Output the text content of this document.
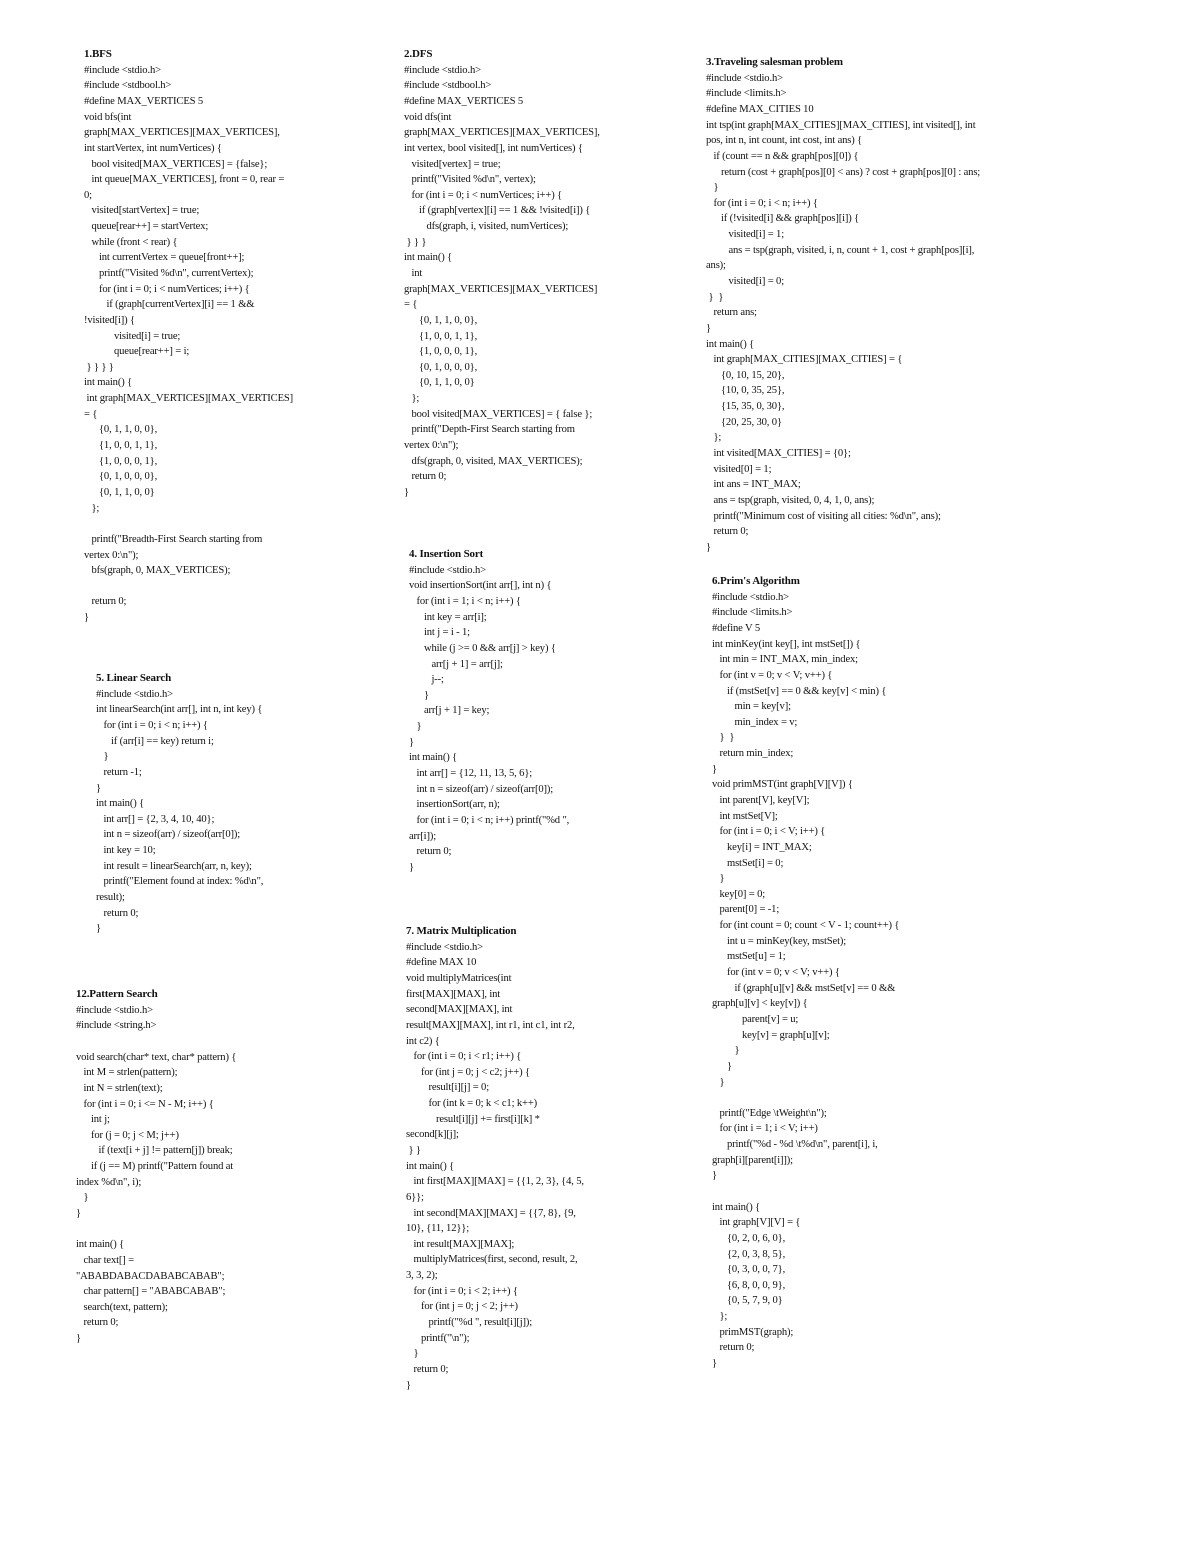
1.BFS
#include <stdio.h>
#include <stdbool.h>
#define MAX_VERTICES 5
void bfs(int
graph[MAX_VERTICES][MAX_VERTICES],
int startVertex, int numVertices) {
bool visited[MAX_VERTICES] = {false};
int queue[MAX_VERTICES], front = 0, rear =
0;
visited[startVertex] = true;
queue[rear++] = startVertex;
while (front < rear) {
int currentVertex = queue[front++];
printf("Visited %d\n", currentVertex);
for (int i = 0; i < numVertices; i++) {
if (graph[currentVertex][i] == 1 &&
!visited[i]) {
visited[i] = true;
queue[rear++] = i;
} } } }
int main() {
int graph[MAX_VERTICES][MAX_VERTICES]
= {
{0, 1, 1, 0, 0},
{1, 0, 0, 1, 1},
{1, 0, 0, 0, 1},
{0, 1, 0, 0, 0},
{0, 1, 1, 0, 0}
};
printf("Breadth-First Search starting from
vertex 0:\n");
bfs(graph, 0, MAX_VERTICES);
return 0;
}
2.DFS
#include <stdio.h>
#include <stdbool.h>
#define MAX_VERTICES 5
void dfs(int
graph[MAX_VERTICES][MAX_VERTICES],
int vertex, bool visited[], int numVertices) {
visited[vertex] = true;
printf("Visited %d\n", vertex);
for (int i = 0; i < numVertices; i++) {
if (graph[vertex][i] == 1 && !visited[i]) {
dfs(graph, i, visited, numVertices);
} } }
int main() {
int
graph[MAX_VERTICES][MAX_VERTICES]
= {
{0, 1, 1, 0, 0},
{1, 0, 0, 1, 1},
{1, 0, 0, 0, 1},
{0, 1, 0, 0, 0},
{0, 1, 1, 0, 0}
};
bool visited[MAX_VERTICES] = { false };
printf("Depth-First Search starting from
vertex 0:\n");
dfs(graph, 0, visited, MAX_VERTICES);
return 0;
}
3.Traveling salesman problem
#include <stdio.h>
#include <limits.h>
#define MAX_CITIES 10
int tsp(int graph[MAX_CITIES][MAX_CITIES], int visited[], int
pos, int n, int count, int cost, int ans) {
if (count == n && graph[pos][0]) {
return (cost + graph[pos][0] < ans) ? cost + graph[pos][0] : ans;
}
for (int i = 0; i < n; i++) {
if (!visited[i] && graph[pos][i]) {
visited[i] = 1;
ans = tsp(graph, visited, i, n, count + 1, cost + graph[pos][i],
ans);
visited[i] = 0;
}  }
return ans;
}
int main() {
int graph[MAX_CITIES][MAX_CITIES] = {
{0, 10, 15, 20},
{10, 0, 35, 25},
{15, 35, 0, 30},
{20, 25, 30, 0}
};
int visited[MAX_CITIES] = {0};
visited[0] = 1;
int ans = INT_MAX;
ans = tsp(graph, visited, 0, 4, 1, 0, ans);
printf("Minimum cost of visiting all cities: %d\n", ans);
return 0;
}
4. Insertion Sort
#include <stdio.h>
void insertionSort(int arr[], int n) {
for (int i = 1; i < n; i++) {
int key = arr[i];
int j = i - 1;
while (j >= 0 && arr[j] > key) {
arr[j + 1] = arr[j];
j--;
}
arr[j + 1] = key;
}
}
int main() {
int arr[] = {12, 11, 13, 5, 6};
int n = sizeof(arr) / sizeof(arr[0]);
insertionSort(arr, n);
for (int i = 0; i < n; i++) printf("%d ",
arr[i]);
return 0;
}
5. Linear Search
#include <stdio.h>
int linearSearch(int arr[], int n, int key) {
for (int i = 0; i < n; i++) {
if (arr[i] == key) return i;
}
return -1;
}
int main() {
int arr[] = {2, 3, 4, 10, 40};
int n = sizeof(arr) / sizeof(arr[0]);
int key = 10;
int result = linearSearch(arr, n, key);
printf("Element found at index: %d\n",
result);
return 0;
}
6.Prim's Algorithm
#include <stdio.h>
#include <limits.h>
#define V 5
int minKey(int key[], int mstSet[]) {
int min = INT_MAX, min_index;
for (int v = 0; v < V; v++) {
if (mstSet[v] == 0 && key[v] < min) {
min = key[v];
min_index = v;
}  }
return min_index;
}
void primMST(int graph[V][V]) {
int parent[V], key[V];
int mstSet[V];
for (int i = 0; i < V; i++) {
key[i] = INT_MAX;
mstSet[i] = 0;
}
key[0] = 0;
parent[0] = -1;
for (int count = 0; count < V - 1; count++) {
int u = minKey(key, mstSet);
mstSet[u] = 1;
for (int v = 0; v < V; v++) {
if (graph[u][v] && mstSet[v] == 0 &&
graph[u][v] < key[v]) {
parent[v] = u;
key[v] = graph[u][v];
}
}
}
printf("Edge \tWeight\n");
for (int i = 1; i < V; i++)
printf("%d - %d \t%d\n", parent[i], i,
graph[i][parent[i]]);
}
int main() {
int graph[V][V] = {
{0, 2, 0, 6, 0},
{2, 0, 3, 8, 5},
{0, 3, 0, 0, 7},
{6, 8, 0, 0, 9},
{0, 5, 7, 9, 0}
};
primMST(graph);
return 0;
}
7. Matrix Multiplication
#include <stdio.h>
#define MAX 10
void multiplyMatrices(int
first[MAX][MAX], int
second[MAX][MAX], int
result[MAX][MAX], int r1, int c1, int r2,
int c2) {
for (int i = 0; i < r1; i++) {
for (int j = 0; j < c2; j++) {
result[i][j] = 0;
for (int k = 0; k < c1; k++)
result[i][j] += first[i][k] *
second[k][j];
} }
int main() {
int first[MAX][MAX] = {{1, 2, 3}, {4, 5,
6}};
int second[MAX][MAX] = {{7, 8}, {9,
10}, {11, 12}};
int result[MAX][MAX];
multiplyMatrices(first, second, result, 2,
3, 3, 2);
for (int i = 0; i < 2; i++) {
for (int j = 0; j < 2; j++)
printf("%d ", result[i][j]);
printf("\n");
}
return 0;
}
12.Pattern Search
#include <stdio.h>
#include <string.h>
void search(char* text, char* pattern) {
int M = strlen(pattern);
int N = strlen(text);
for (int i = 0; i <= N - M; i++) {
int j;
for (j = 0; j < M; j++)
if (text[i + j] != pattern[j]) break;
if (j == M) printf("Pattern found at
index %d\n", i);
}
}
int main() {
char text[] =
"ABABDABACDABABCABAB";
char pattern[] = "ABABCABAB";
search(text, pattern);
return 0;
}
